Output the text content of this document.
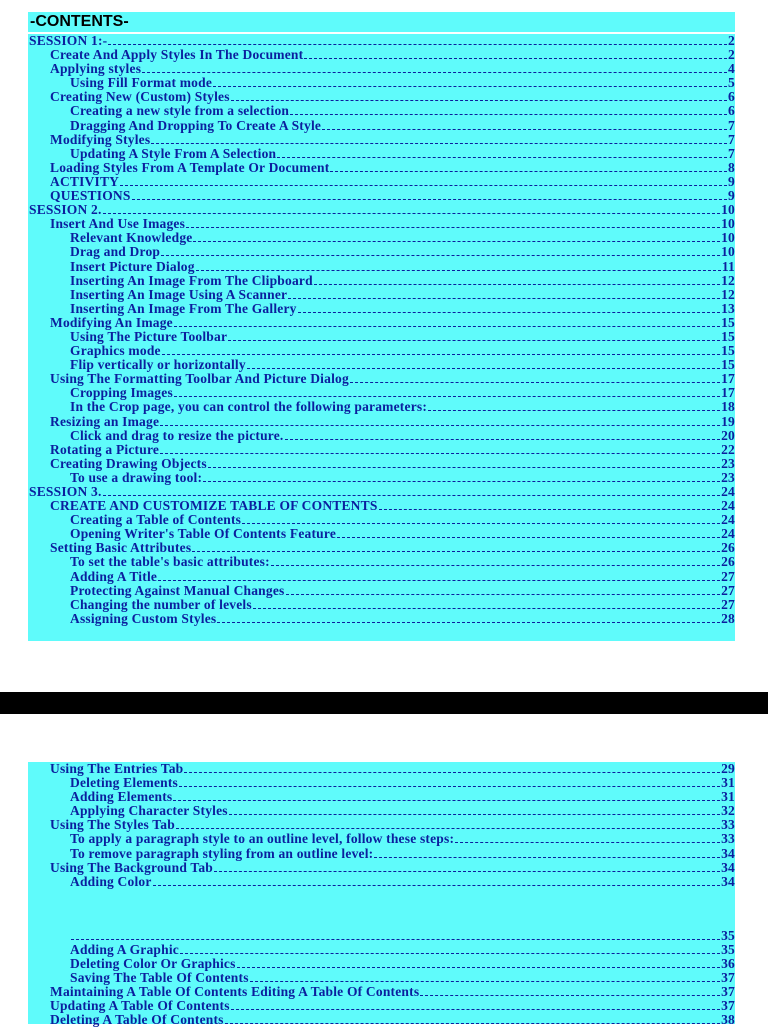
-CONTENTS-
SESSION 1:-	2
Create And Apply Styles In The Document	2
Applying styles	4
Using Fill Format mode	5
Creating New (Custom) Styles	6
Creating a new style from a selection	6
Dragging And Dropping To Create A Style	7
Modifying Styles	7
Updating A Style From A Selection	7
Loading Styles From A Template Or Document	8
ACTIVITY	9
QUESTIONS	9
SESSION 2.	10
Insert And Use Images	10
Relevant Knowledge	10
Drag and Drop	10
Insert Picture Dialog	11
Inserting An Image From The Clipboard	12
Inserting An Image Using A Scanner	12
Inserting An Image From The Gallery	13
Modifying An Image	15
Using The Picture Toolbar	15
Graphics mode	15
Flip vertically or horizontally	15
Using The Formatting Toolbar And Picture Dialog	17
Cropping Images	17
In the Crop page, you can control the following parameters:	18
Resizing an Image	19
Click and drag to resize the picture.	20
Rotating a Picture	22
Creating Drawing Objects	23
To use a drawing tool:	23
SESSION 3.	24
CREATE AND CUSTOMIZE TABLE OF CONTENTS	24
Creating a Table of Contents	24
Opening Writer's Table Of Contents Feature	24
Setting Basic Attributes	26
To set the table's basic attributes:	26
Adding A Title	27
Protecting Against Manual Changes	27
Changing the number of levels	27
Assigning Custom Styles	28
Using The Entries Tab	29
Deleting Elements	31
Adding Elements	31
Applying Character Styles	32
Using The Styles Tab	33
To apply a paragraph style to an outline level, follow these steps:	33
To remove paragraph styling from an outline level:	34
Using The Background Tab	34
Adding Color	34
35
Adding A Graphic	35
Deleting Color Or Graphics	36
Saving The Table Of Contents	37
Maintaining A Table Of Contents Editing A Table Of Contents	37
Updating A Table Of Contents	37
Deleting A Table Of Contents	38
